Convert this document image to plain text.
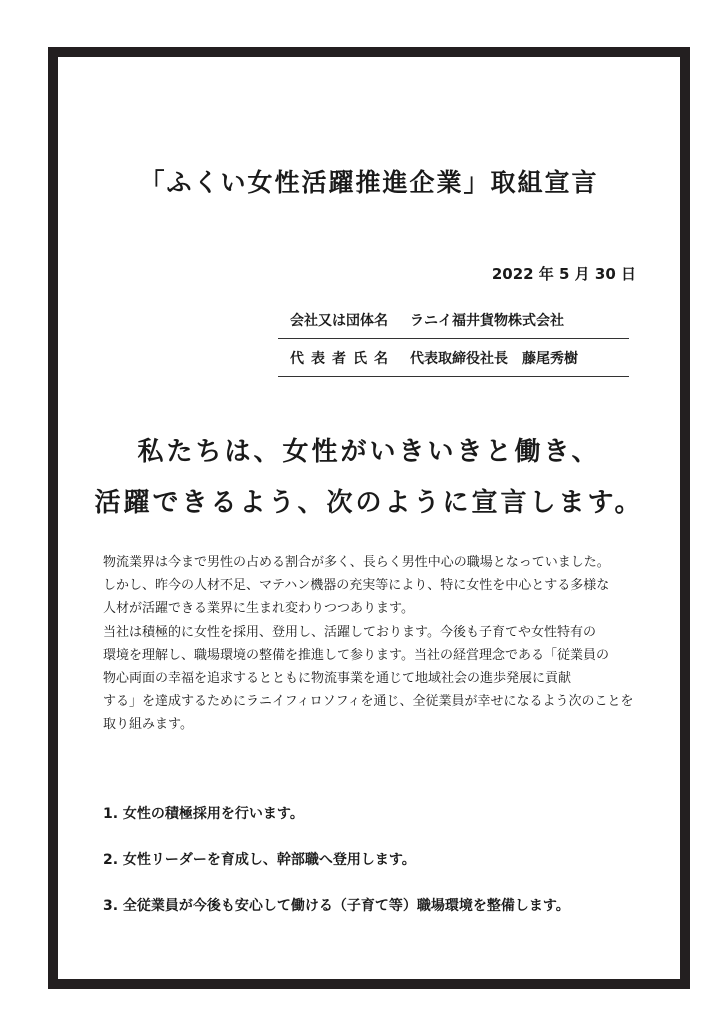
「ふくい女性活躍推進企業」取組宣言
2022 年 5 月 30 日
会社又は団体名	ラニイ福井貨物株式会社
代表者氏名	代表取締役社長　藤尾秀樹
私たちは、女性がいきいきと働き、
活躍できるよう、次のように宣言します。
物流業界は今まで男性の占める割合が多く、長らく男性中心の職場となっていました。
しかし、昨今の人材不足、マテハン機器の充実等により、特に女性を中心とする多様な
人材が活躍できる業界に生まれ変わりつつあります。
当社は積極的に女性を採用、登用し、活躍しております。今後も子育てや女性特有の
環境を理解し、職場環境の整備を推進して参ります。当社の経営理念である「従業員の
物心両面の幸福を追求するとともに物流事業を通じて地域社会の進歩発展に貢献
する」を達成するためにラニイフィロソフィを通じ、全従業員が幸せになるよう次のことを
取り組みます。
1. 女性の積極採用を行います。
2. 女性リーダーを育成し、幹部職へ登用します。
3. 全従業員が今後も安心して働ける（子育て等）職場環境を整備します。
